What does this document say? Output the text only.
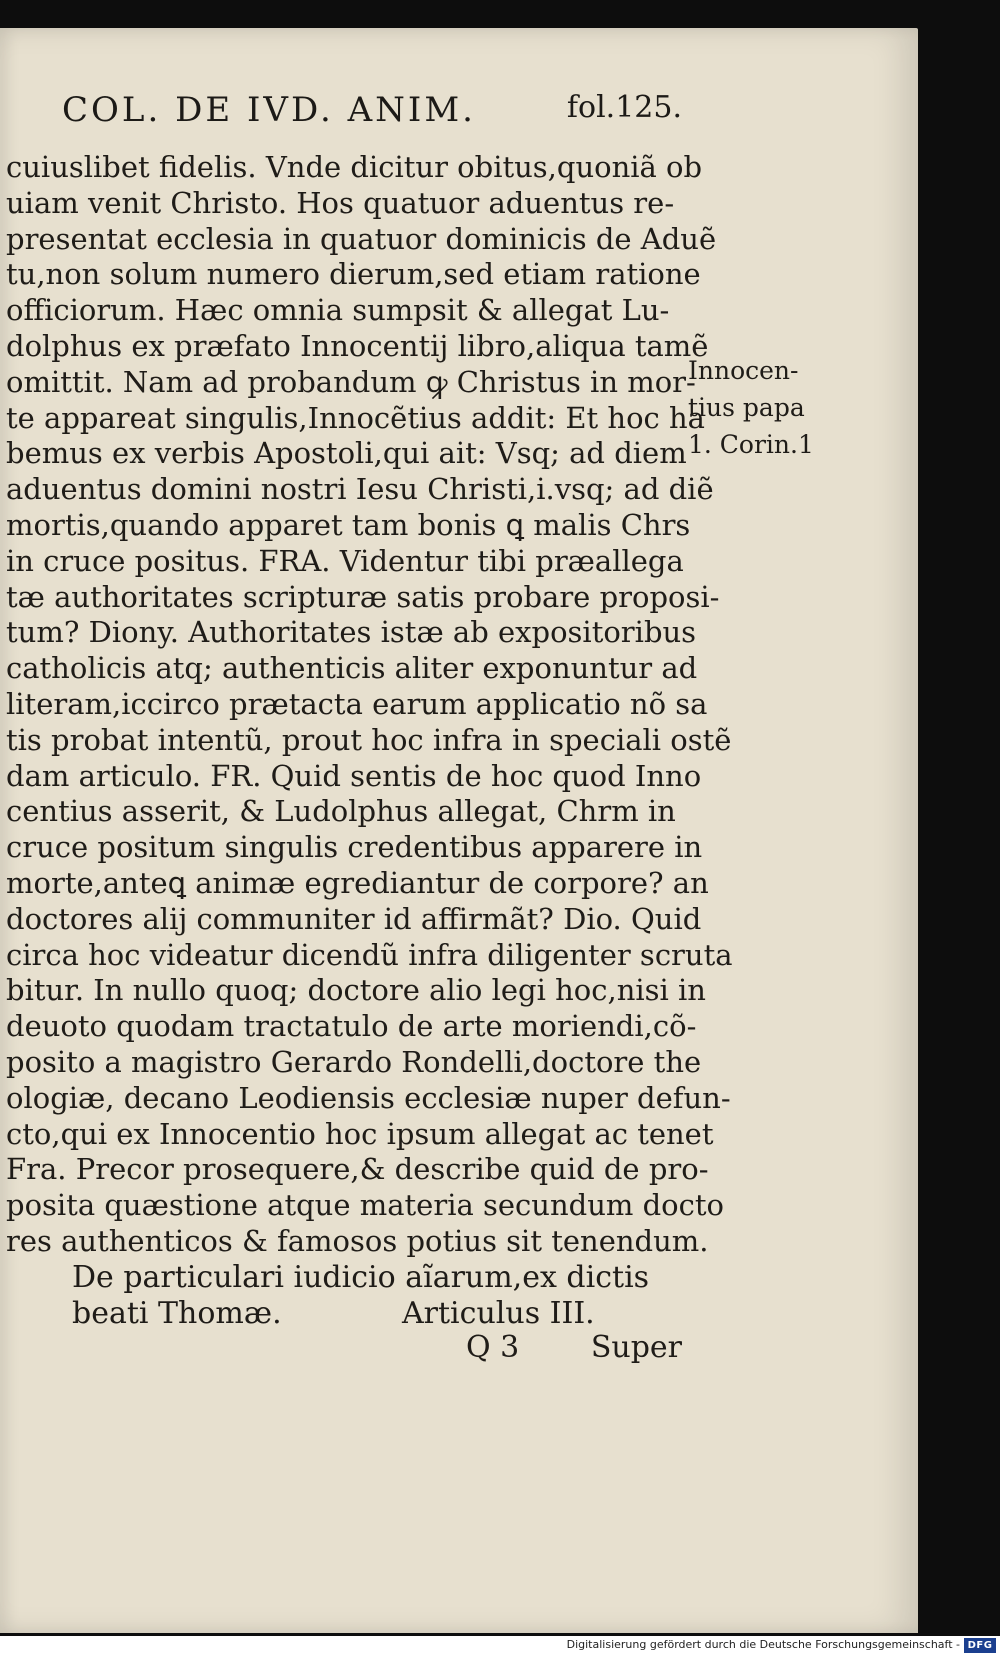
COL. DE IVD. ANIM.	fol.125.
cuiuslibet fidelis. Vnde dicitur obitus,quoniã ob
uiam venit Christo. Hos quatuor aduentus re-
presentat ecclesia in quatuor dominicis de Aduẽ
tu,non solum numero dierum,sed etiam ratione
officiorum. Hæc omnia sumpsit & allegat Lu-
dolphus ex præfato Innocentij libro,aliqua tamẽ
omittit. Nam ad probandum ꝙ Christus in mor-
te appareat singulis,Innocẽtius addit: Et hoc ha
bemus ex verbis Apostoli,qui ait: Vsq; ad diem
aduentus domini nostri Iesu Christi,i.vsq; ad diẽ
mortis,quando apparet tam bonis ꝗ malis Chrs
in cruce positus. FRA. Videntur tibi præallega
tæ authoritates scripturæ satis probare proposi-
tum? Diony. Authoritates istæ ab expositoribus
catholicis atq; authenticis aliter exponuntur ad
literam,iccirco prætacta earum applicatio nõ sa
tis probat intentũ, prout hoc infra in speciali ostẽ
dam articulo. FR. Quid sentis de hoc quod Inno
centius asserit, & Ludolphus allegat, Chrm in
cruce positum singulis credentibus apparere in
morte,anteꝗ animæ egrediantur de corpore? an
doctores alij communiter id affirmãt? Dio. Quid
circa hoc videatur dicendũ infra diligenter scruta
bitur. In nullo quoq; doctore alio legi hoc,nisi in
deuoto quodam tractatulo de arte moriendi,cõ-
posito a magistro Gerardo Rondelli,doctore the
ologiæ, decano Leodiensis ecclesiæ nuper defun-
cto,qui ex Innocentio hoc ipsum allegat ac tenet
Fra. Precor prosequere,& describe quid de pro-
posita quæstione atque materia secundum docto
res authenticos & famosos potius sit tenendum.
Innocen-
tius papa
1. Corin.1
De particulari iudicio aĩarum,ex dictis
beati Thomæ.	Articulus III.
Q 3 Super
Digitalisierung gefördert durch die Deutsche Forschungsgemeinschaft - DFG
